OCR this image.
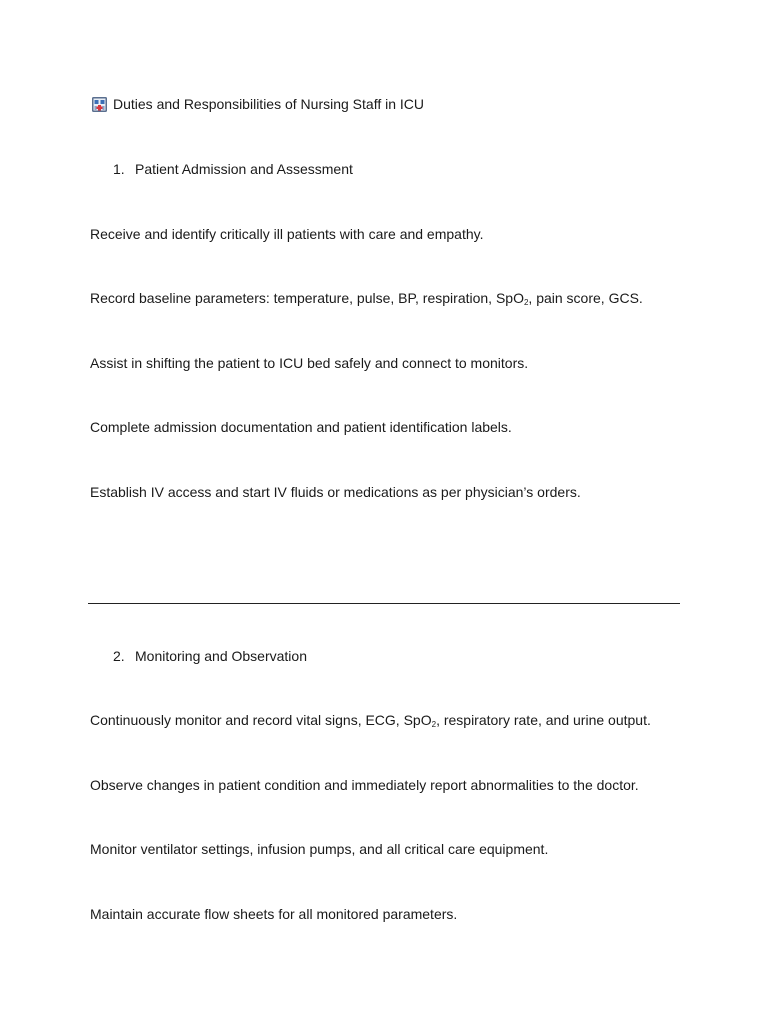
Duties and Responsibilities of Nursing Staff in ICU
1. Patient Admission and Assessment
Receive and identify critically ill patients with care and empathy.
Record baseline parameters: temperature, pulse, BP, respiration, SpO$_2$, pain score, GCS.
Assist in shifting the patient to ICU bed safely and connect to monitors.
Complete admission documentation and patient identification labels.
Establish IV access and start IV fluids or medications as per physician’s orders.
2. Monitoring and Observation
Continuously monitor and record vital signs, ECG, SpO$_2$, respiratory rate, and urine output.
Observe changes in patient condition and immediately report abnormalities to the doctor.
Monitor ventilator settings, infusion pumps, and all critical care equipment.
Maintain accurate flow sheets for all monitored parameters.
